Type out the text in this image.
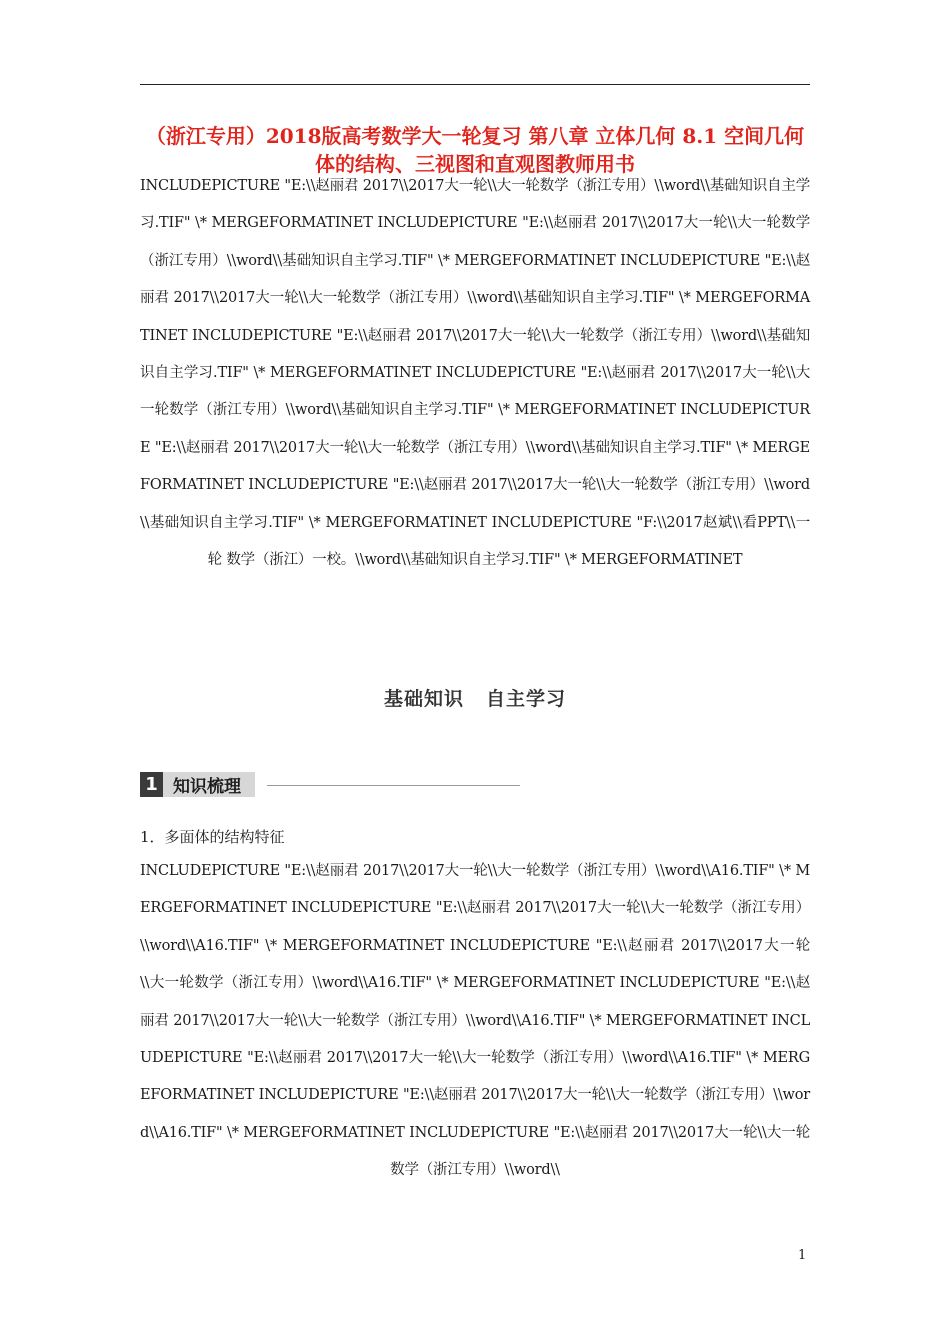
（浙江专用）2018版高考数学大一轮复习 第八章 立体几何 8.1 空间几何体的结构、三视图和直观图教师用书
INCLUDEPICTURE "E:\\赵丽君 2017\\2017大一轮\\大一轮数学（浙江专用）\\word\\基础知识自主学习.TIF" \* MERGEFORMATINET INCLUDEPICTURE "E:\\赵丽君 2017\\2017大一轮\\大一轮数学（浙江专用）\\word\\基础知识自主学习.TIF" \* MERGEFORMATINET INCLUDEPICTURE "E:\\赵丽君 2017\\2017大一轮\\大一轮数学（浙江专用）\\word\\基础知识自主学习.TIF" \* MERGEFORMATINET INCLUDEPICTURE "E:\\赵丽君 2017\\2017大一轮\\大一轮数学（浙江专用）\\word\\基础知识自主学习.TIF" \* MERGEFORMATINET INCLUDEPICTURE "E:\\赵丽君 2017\\2017大一轮\\大一轮数学（浙江专用）\\word\\基础知识自主学习.TIF" \* MERGEFORMATINET INCLUDEPICTURE "E:\\赵丽君 2017\\2017大一轮\\大一轮数学（浙江专用）\\word\\基础知识自主学习.TIF" \* MERGEFORMATINET INCLUDEPICTURE "E:\\赵丽君 2017\\2017大一轮\\大一轮数学（浙江专用）\\word\\基础知识自主学习.TIF" \* MERGEFORMATINET INCLUDEPICTURE "F:\\2017赵斌\\看PPT\\一轮 数学（浙江）一校。\\word\\基础知识自主学习.TIF" \* MERGEFORMATINET
基础知识 自主学习
1 知识梳理
1．多面体的结构特征
INCLUDEPICTURE "E:\\赵丽君 2017\\2017大一轮\\大一轮数学（浙江专用）\\word\\A16.TIF" \* MERGEFORMATINET INCLUDEPICTURE "E:\\赵丽君 2017\\2017大一轮\\大一轮数学（浙江专用）\\word\\A16.TIF" \* MERGEFORMATINET INCLUDEPICTURE "E:\\赵丽君 2017\\2017大一轮\\大一轮数学（浙江专用）\\word\\A16.TIF" \* MERGEFORMATINET INCLUDEPICTURE "E:\\赵丽君 2017\\2017大一轮\\大一轮数学（浙江专用）\\word\\A16.TIF" \* MERGEFORMATINET INCLUDEPICTURE "E:\\赵丽君 2017\\2017大一轮\\大一轮数学（浙江专用）\\word\\A16.TIF" \* MERGEFORMATINET INCLUDEPICTURE "E:\\赵丽君 2017\\2017大一轮\\大一轮数学（浙江专用）\\word\\A16.TIF" \* MERGEFORMATINET INCLUDEPICTURE "E:\\赵丽君 2017\\2017大一轮\\大一轮数学（浙江专用）\\word\\
1
